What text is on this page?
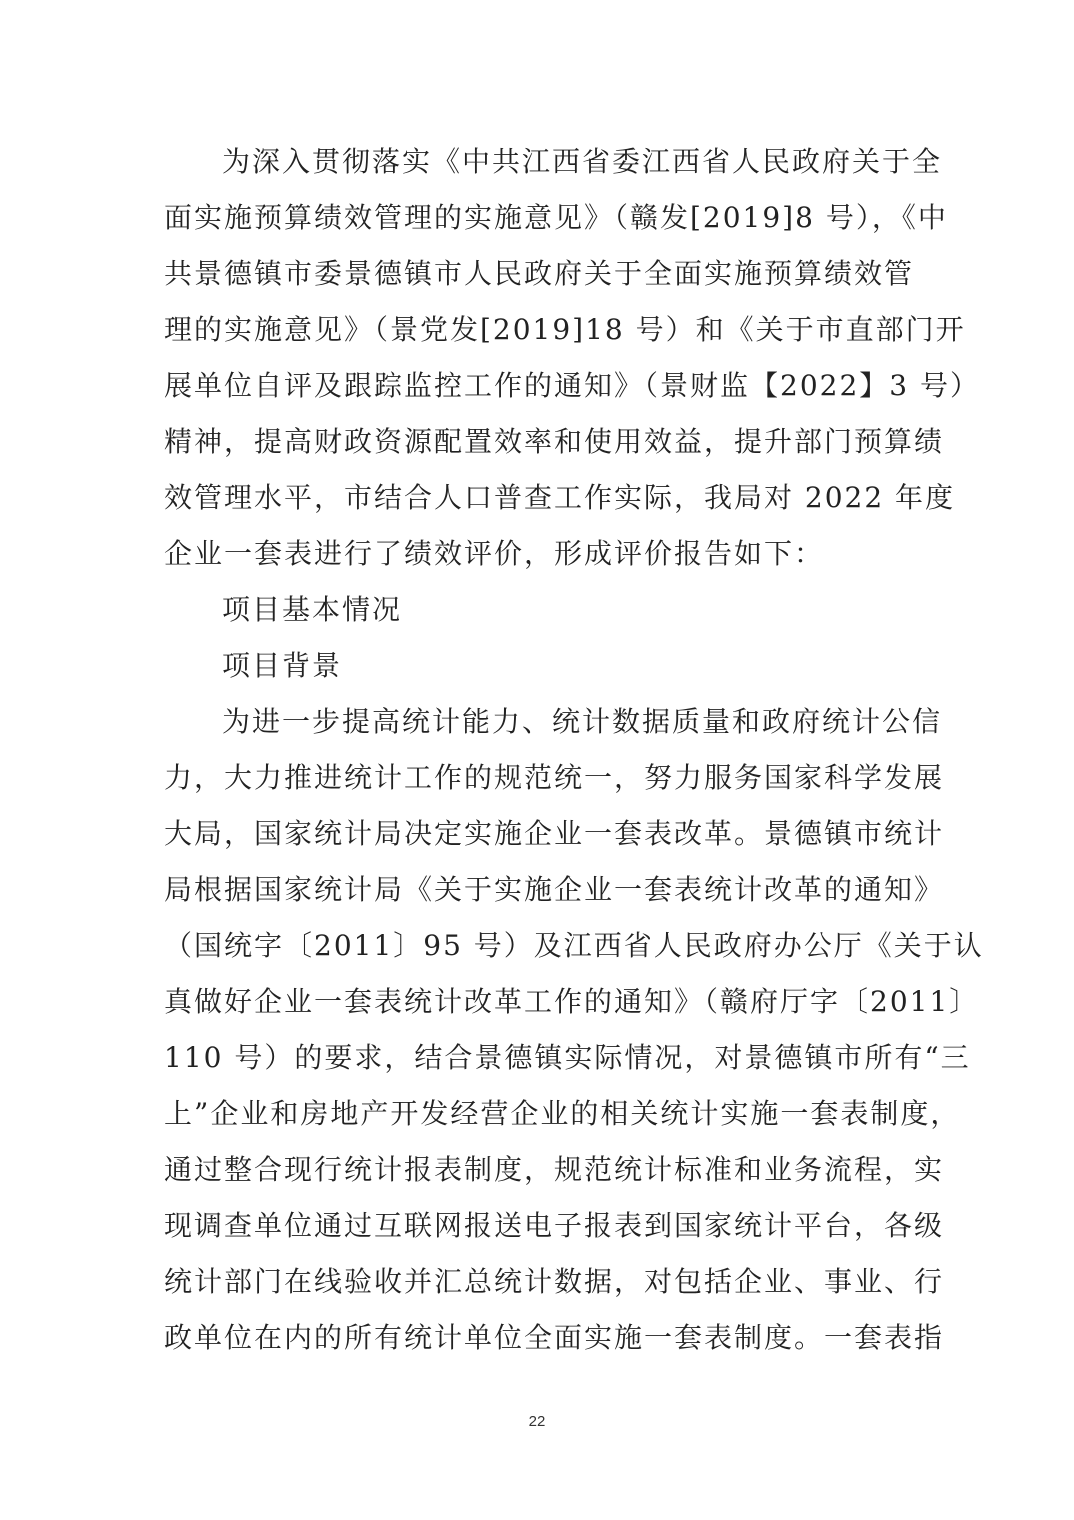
为深入贯彻落实《中共江西省委江西省人民政府关于全
面实施预算绩效管理的实施意见》（赣发[2019]8 号），《中
共景德镇市委景德镇市人民政府关于全面实施预算绩效管
理的实施意见》（景党发[2019]18 号）和《关于市直部门开
展单位自评及跟踪监控工作的通知》（景财监【2022】3 号）
精神，提高财政资源配置效率和使用效益，提升部门预算绩
效管理水平，市结合人口普查工作实际，我局对 2022 年度
企业一套表进行了绩效评价，形成评价报告如下：
项目基本情况
项目背景
为进一步提高统计能力、统计数据质量和政府统计公信
力，大力推进统计工作的规范统一，努力服务国家科学发展
大局，国家统计局决定实施企业一套表改革。景德镇市统计
局根据国家统计局《关于实施企业一套表统计改革的通知》
（国统字〔2011〕95 号）及江西省人民政府办公厅《关于认
真做好企业一套表统计改革工作的通知》（赣府厅字〔2011〕
110 号）的要求，结合景德镇实际情况，对景德镇市所有“三
上”企业和房地产开发经营企业的相关统计实施一套表制度，
通过整合现行统计报表制度，规范统计标准和业务流程，实
现调查单位通过互联网报送电子报表到国家统计平台，各级
统计部门在线验收并汇总统计数据，对包括企业、事业、行
政单位在内的所有统计单位全面实施一套表制度。一套表指
22
